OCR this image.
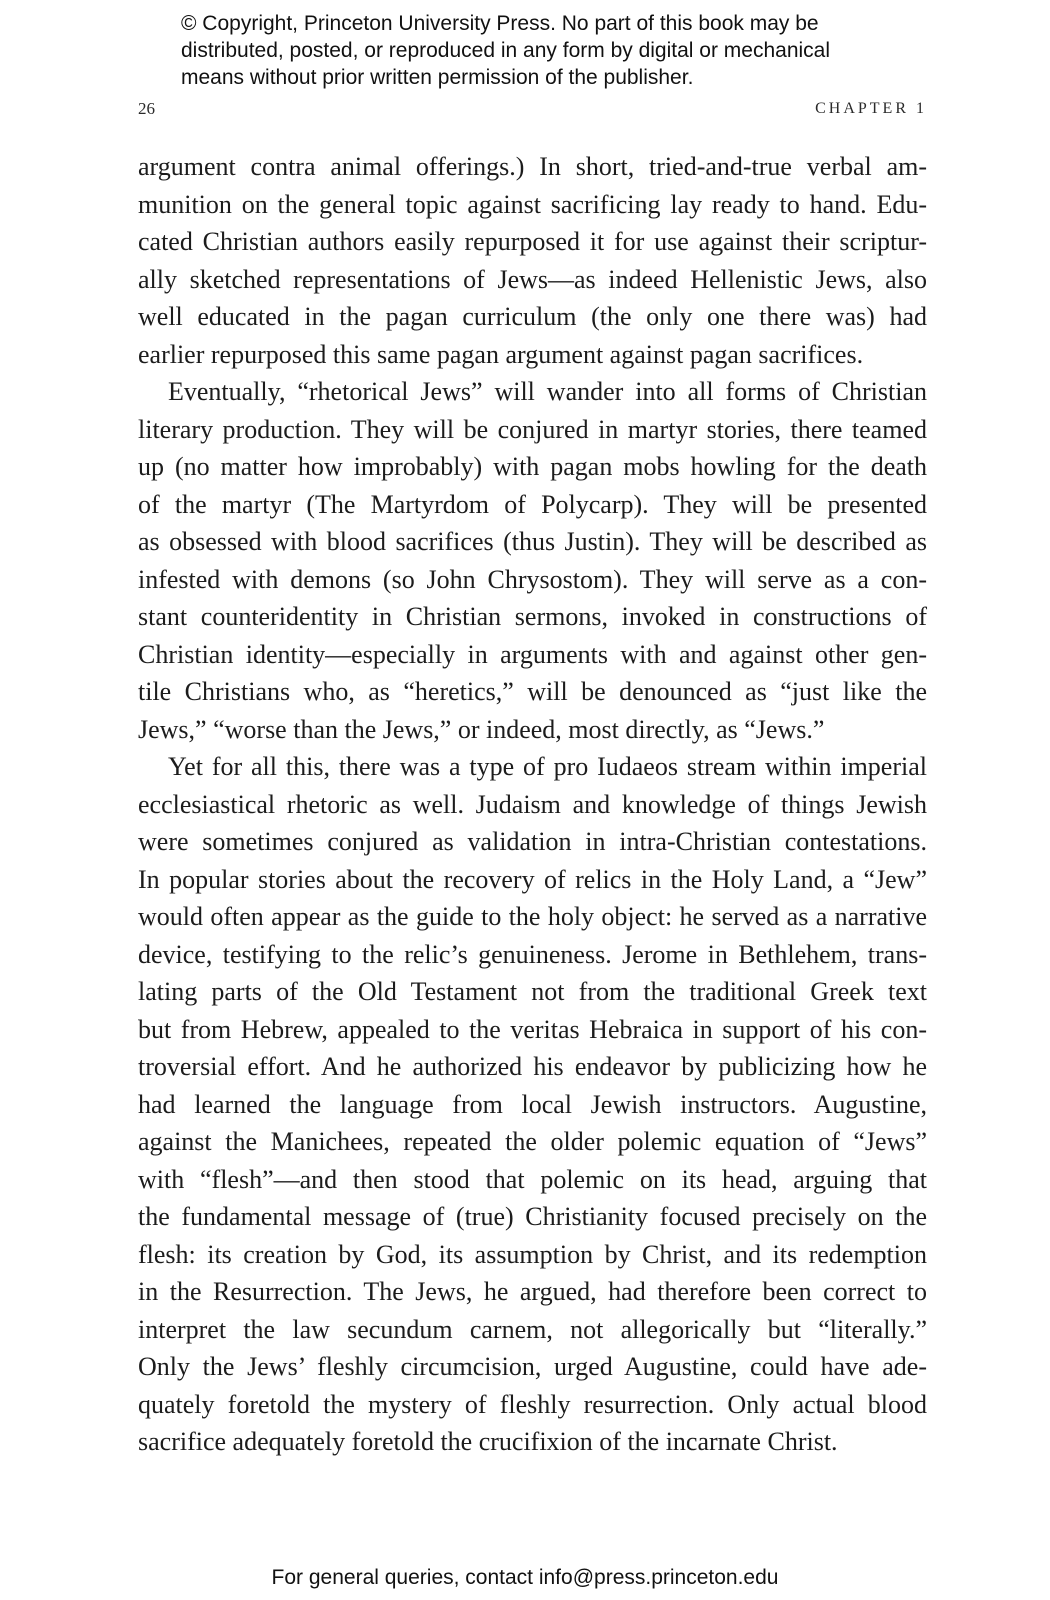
© Copyright, Princeton University Press. No part of this book may be
distributed, posted, or reproduced in any form by digital or mechanical
means without prior written permission of the publisher.
26	CHAPTER 1
argument contra animal offerings.) In short, tried-and-true verbal am-
munition on the general topic against sacrificing lay ready to hand. Edu-
cated Christian authors easily repurposed it for use against their scriptur-
ally sketched representations of Jews—as indeed Hellenistic Jews, also
well educated in the pagan curriculum (the only one there was) had
earlier repurposed this same pagan argument against pagan sacrifices.
Eventually, “rhetorical Jews” will wander into all forms of Christian
literary production. They will be conjured in martyr stories, there teamed
up (no matter how improbably) with pagan mobs howling for the death
of the martyr (The Martyrdom of Polycarp). They will be presented
as obsessed with blood sacrifices (thus Justin). They will be described as
infested with demons (so John Chrysostom). They will serve as a con-
stant counteridentity in Christian sermons, invoked in constructions of
Christian identity—especially in arguments with and against other gen-
tile Christians who, as “heretics,” will be denounced as “just like the
Jews,” “worse than the Jews,” or indeed, most directly, as “Jews.”
Yet for all this, there was a type of pro Iudaeos stream within imperial
ecclesiastical rhetoric as well. Judaism and knowledge of things Jewish
were sometimes conjured as validation in intra-Christian contestations.
In popular stories about the recovery of relics in the Holy Land, a “Jew”
would often appear as the guide to the holy object: he served as a narrative
device, testifying to the relic’s genuineness. Jerome in Bethlehem, trans-
lating parts of the Old Testament not from the traditional Greek text
but from Hebrew, appealed to the veritas Hebraica in support of his con-
troversial effort. And he authorized his endeavor by publicizing how he
had learned the language from local Jewish instructors. Augustine,
against the Manichees, repeated the older polemic equation of “Jews”
with “flesh”—and then stood that polemic on its head, arguing that
the fundamental message of (true) Christianity focused precisely on the
flesh: its creation by God, its assumption by Christ, and its redemption
in the Resurrection. The Jews, he argued, had therefore been correct to
interpret the law secundum carnem, not allegorically but “literally.”
Only the Jews’ fleshly circumcision, urged Augustine, could have ade-
quately foretold the mystery of fleshly resurrection. Only actual blood
sacrifice adequately foretold the crucifixion of the incarnate Christ.
For general queries, contact info@press.princeton.edu
